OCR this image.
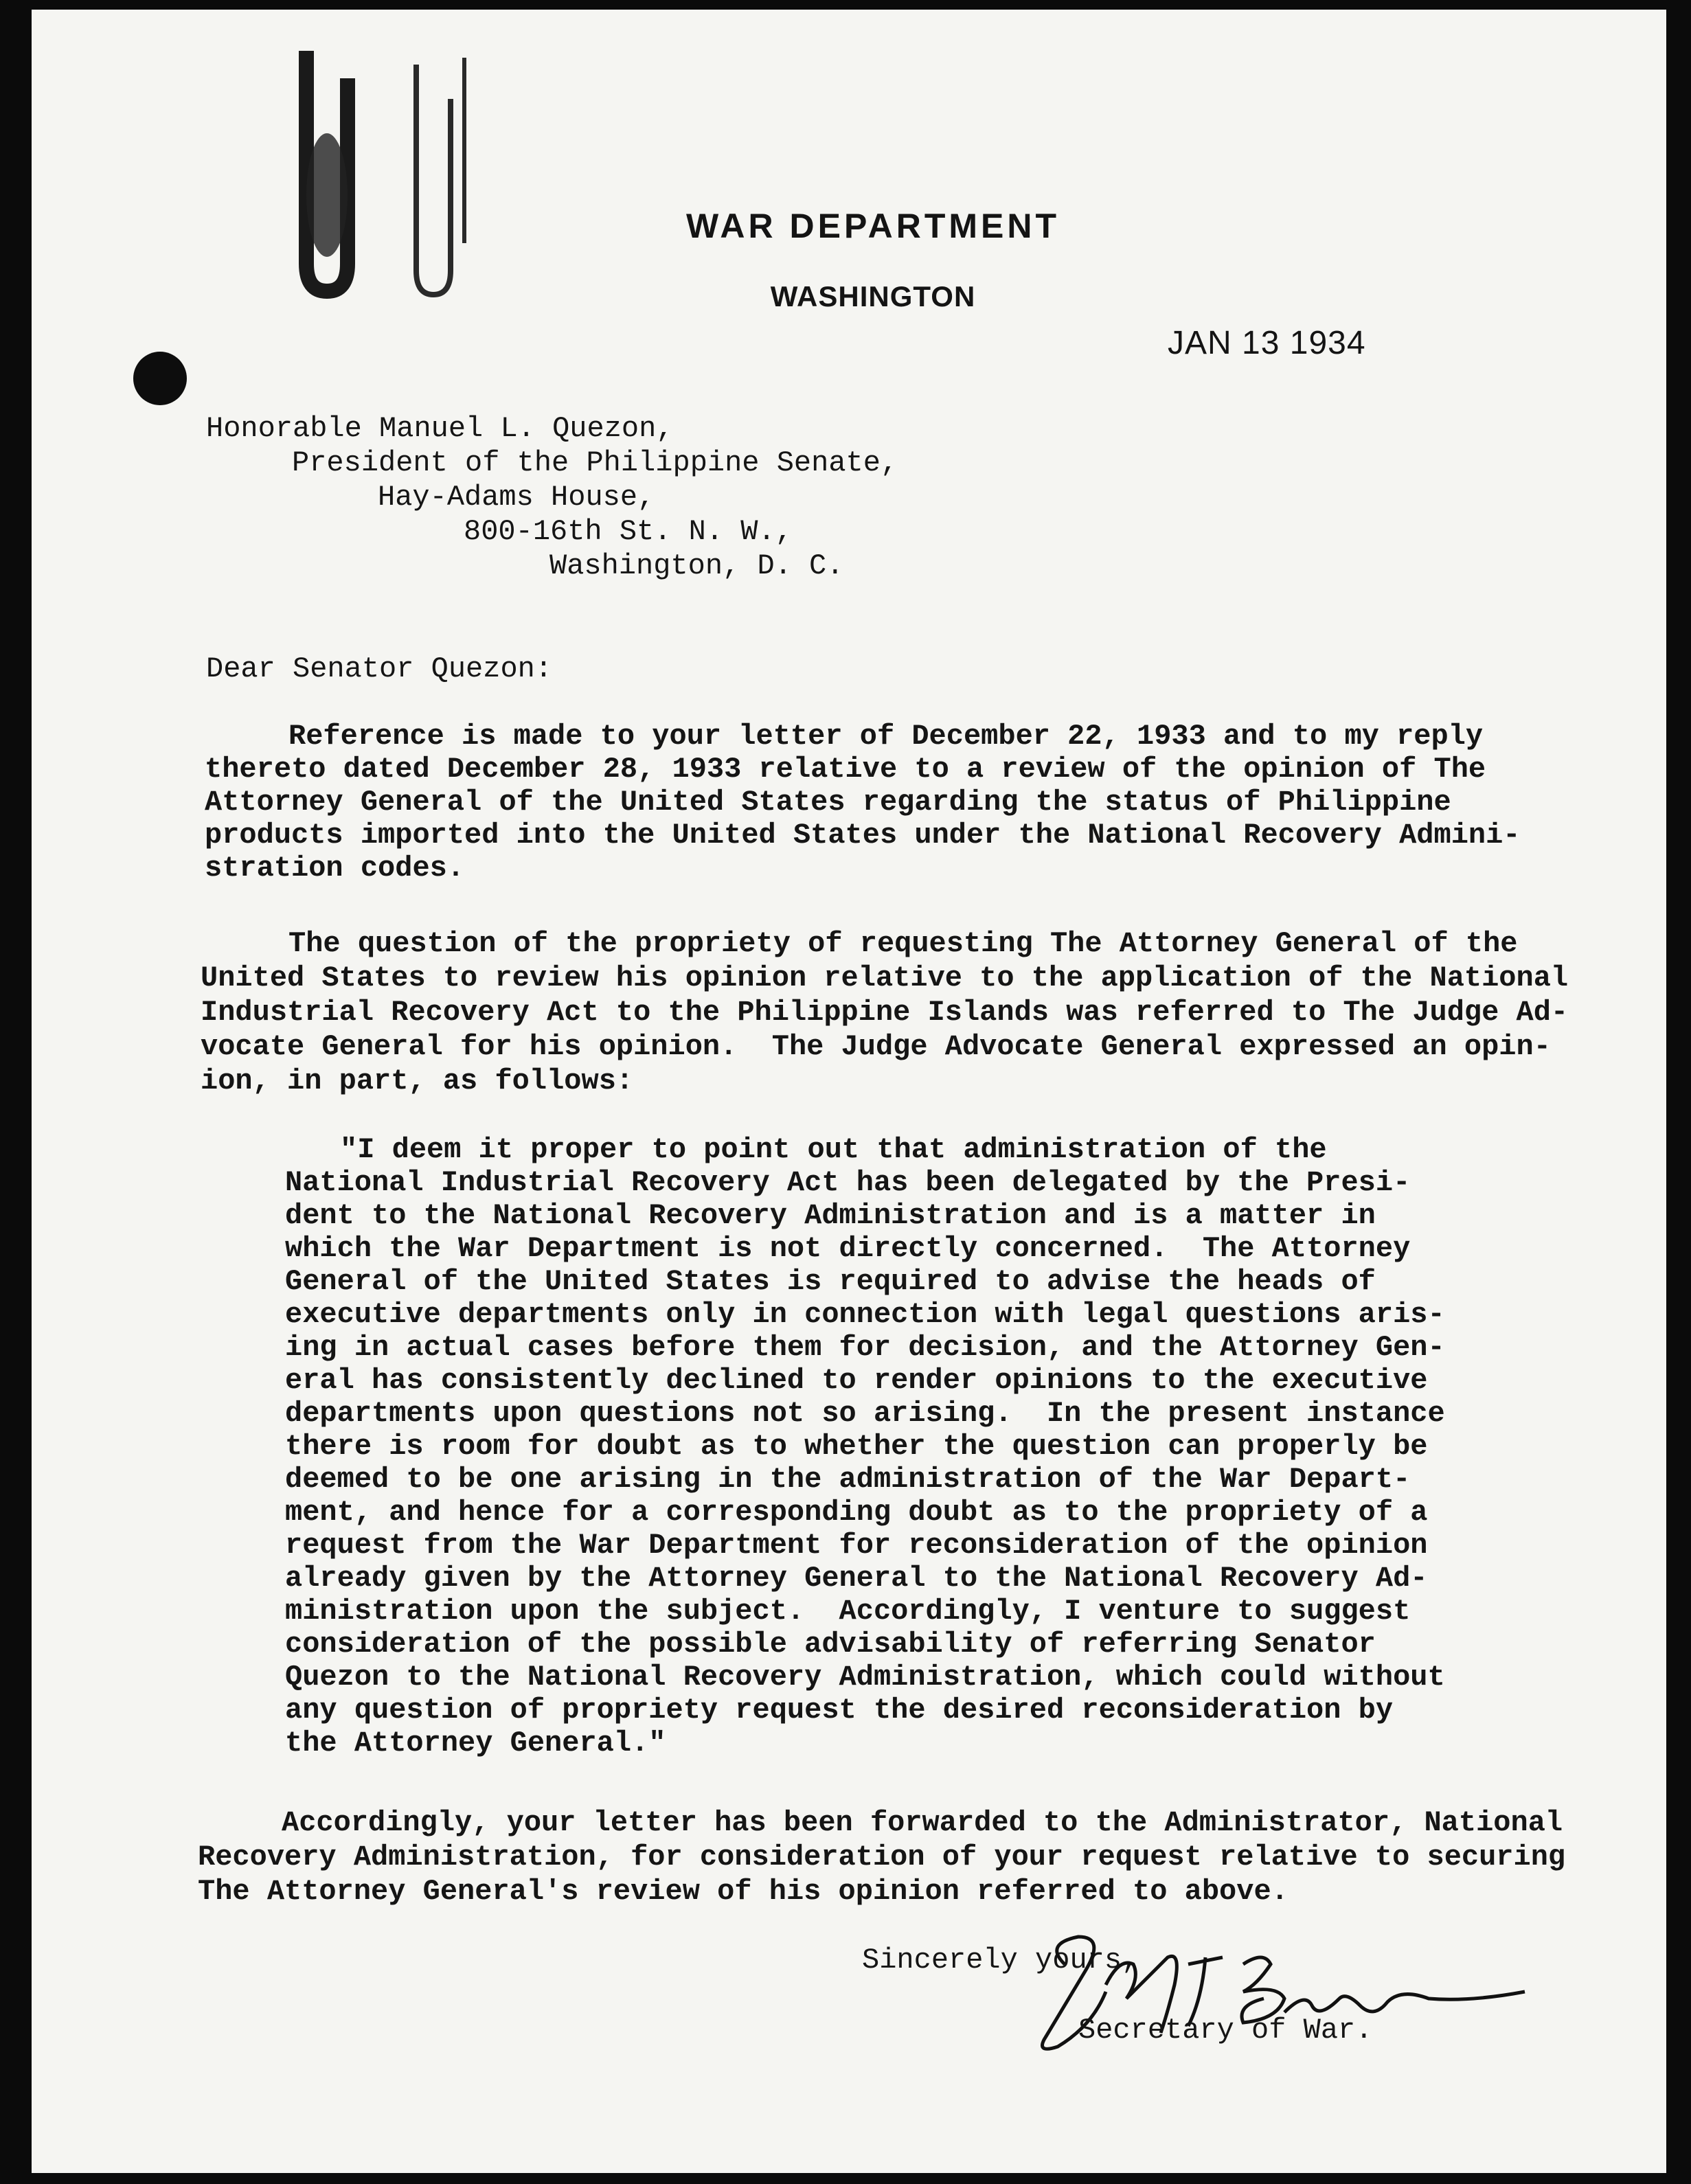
WAR DEPARTMENT
WASHINGTON
JAN 13 1934
Honorable Manuel L. Quezon,
President of the Philippine Senate,
Hay-Adams House,
800-16th St. N. W.,
Washington, D. C.
Dear Senator Quezon:
Reference is made to your letter of December 22, 1933 and to my reply
thereto dated December 28, 1933 relative to a review of the opinion of The
Attorney General of the United States regarding the status of Philippine
products imported into the United States under the National Recovery Admini-
stration codes.
The question of the propriety of requesting The Attorney General of the
United States to review his opinion relative to the application of the National
Industrial Recovery Act to the Philippine Islands was referred to The Judge Ad-
vocate General for his opinion.  The Judge Advocate General expressed an opin-
ion, in part, as follows:
"I deem it proper to point out that administration of the
National Industrial Recovery Act has been delegated by the Presi-
dent to the National Recovery Administration and is a matter in
which the War Department is not directly concerned.  The Attorney
General of the United States is required to advise the heads of
executive departments only in connection with legal questions aris-
ing in actual cases before them for decision, and the Attorney Gen-
eral has consistently declined to render opinions to the executive
departments upon questions not so arising.  In the present instance
there is room for doubt as to whether the question can properly be
deemed to be one arising in the administration of the War Depart-
ment, and hence for a corresponding doubt as to the propriety of a
request from the War Department for reconsideration of the opinion
already given by the Attorney General to the National Recovery Ad-
ministration upon the subject.  Accordingly, I venture to suggest
consideration of the possible advisability of referring Senator
Quezon to the National Recovery Administration, which could without
any question of propriety request the desired reconsideration by
the Attorney General."
Accordingly, your letter has been forwarded to the Administrator, National
Recovery Administration, for consideration of your request relative to securing
The Attorney General's review of his opinion referred to above.
Sincerely yours,
Secretary of War.
